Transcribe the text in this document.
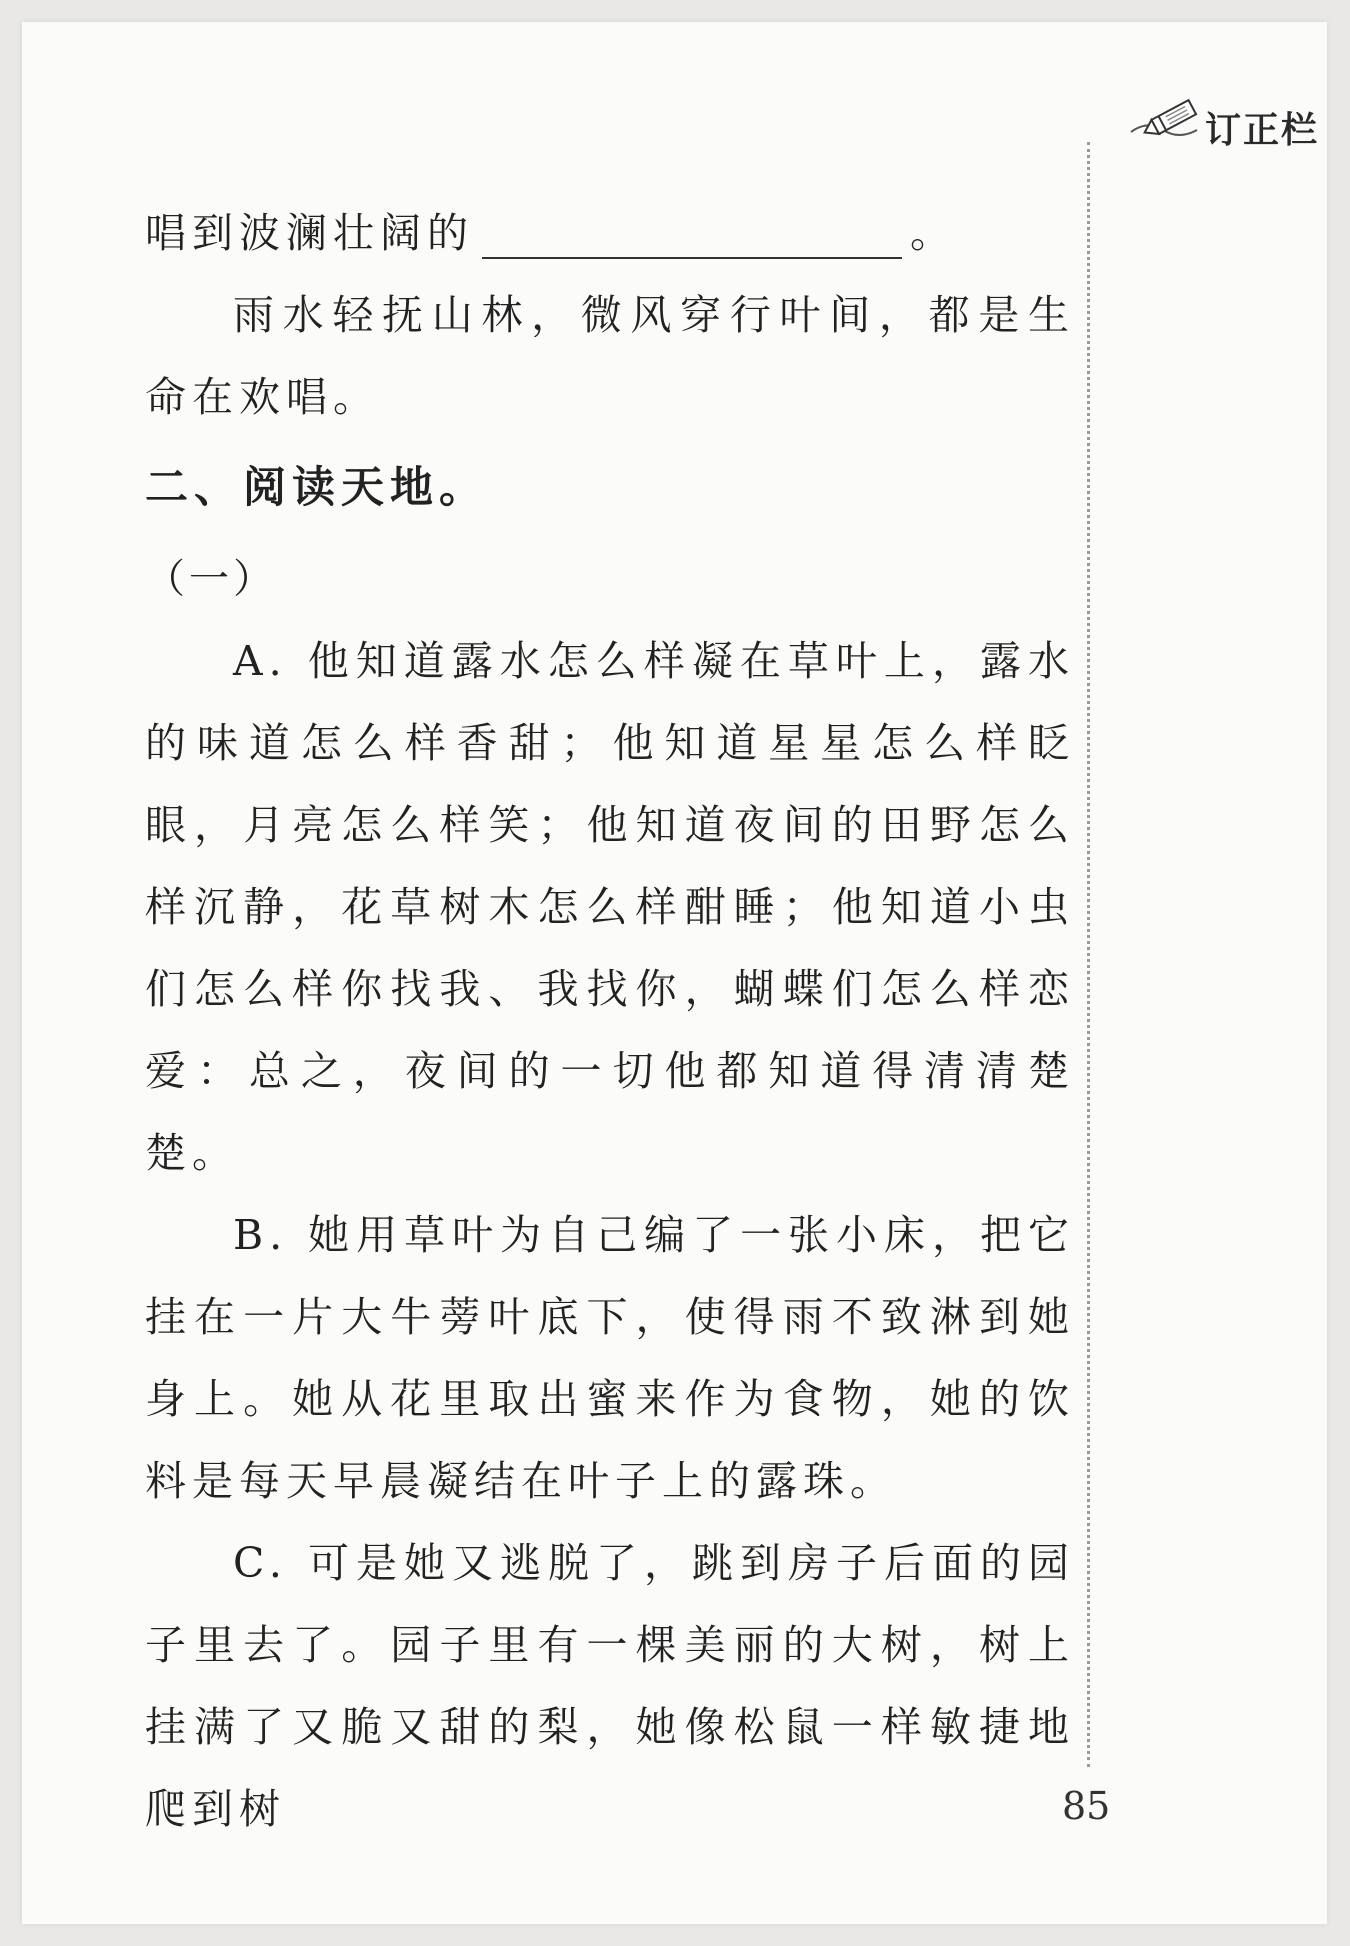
订正栏

唱到波澜壮阔的	。

雨水轻抚山林，微风穿行叶间，都是生命在欢唱。

二、阅读天地。

（一）

A. 他知道露水怎么样凝在草叶上，露水的味道怎么样香甜；他知道星星怎么样眨眼，月亮怎么样笑；他知道夜间的田野怎么样沉静，花草树木怎么样酣睡；他知道小虫们怎么样你找我、我找你，蝴蝶们怎么样恋爱：总之，夜间的一切他都知道得清清楚楚。

B. 她用草叶为自己编了一张小床，把它挂在一片大牛蒡叶底下，使得雨不致淋到她身上。她从花里取出蜜来作为食物，她的饮料是每天早晨凝结在叶子上的露珠。

C. 可是她又逃脱了，跳到房子后面的园子里去了。园子里有一棵美丽的大树，树上挂满了又脆又甜的梨，她像松鼠一样敏捷地爬到树	85
